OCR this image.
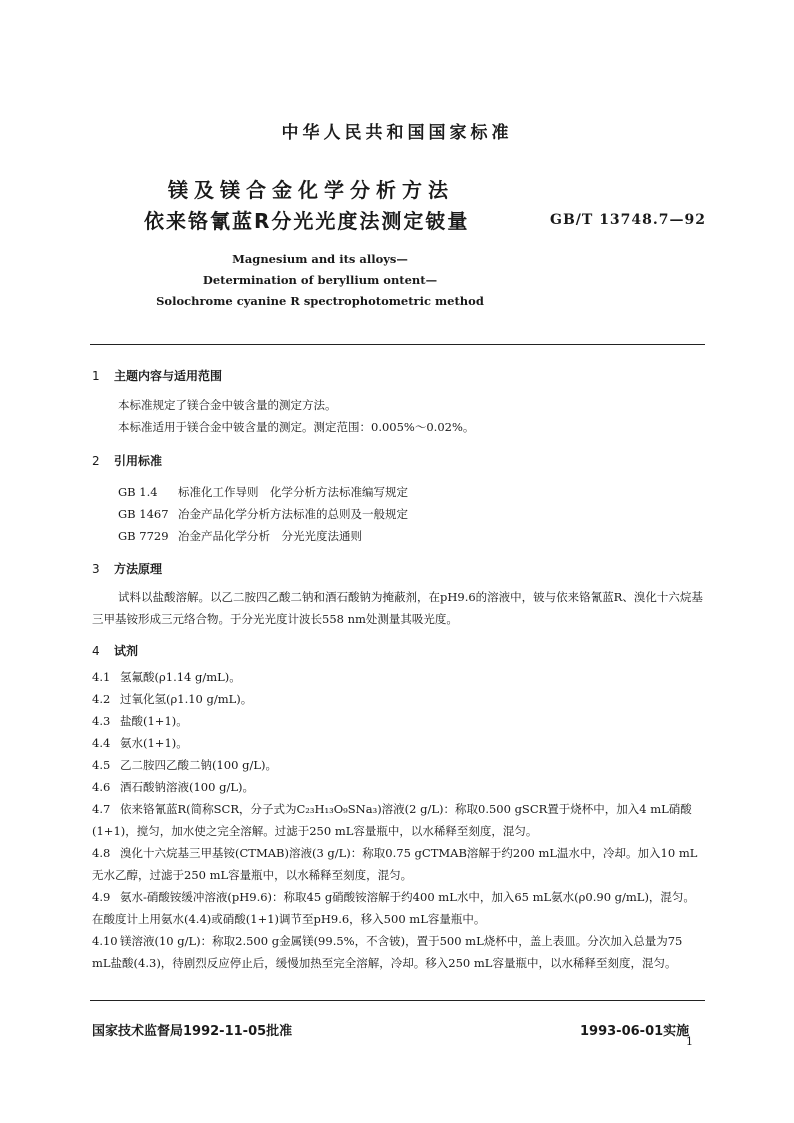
中华人民共和国国家标准
镁及镁合金化学分析方法
依来铬氰蓝R分光光度法测定铍量	GB/T 13748.7—92
Magnesium and its alloys—
Determination of beryllium ontent—
Solochrome cyanine R spectrophotometric method
1 主题内容与适用范围
本标准规定了镁合金中铍含量的测定方法。
本标准适用于镁合金中铍含量的测定。测定范围：0.005%～0.02%。
2 引用标准
GB 1.4 标准化工作导则　化学分析方法标准编写规定
GB 1467 冶金产品化学分析方法标准的总则及一般规定
GB 7729 冶金产品化学分析　分光光度法通则
3 方法原理
试料以盐酸溶解。以乙二胺四乙酸二钠和酒石酸钠为掩蔽剂，在pH9.6的溶液中，铍与依来铬氰蓝R、溴化十六烷基三甲基铵形成三元络合物。于分光光度计波长558 nm处测量其吸光度。
4 试剂
4.1 氢氟酸(ρ1.14 g/mL)。
4.2 过氧化氢(ρ1.10 g/mL)。
4.3 盐酸(1+1)。
4.4 氨水(1+1)。
4.5 乙二胺四乙酸二钠(100 g/L)。
4.6 酒石酸钠溶液(100 g/L)。
4.7 依来铬氰蓝R(简称SCR，分子式为C₂₃H₁₃O₉SNa₃)溶液(2 g/L)：称取0.500 gSCR置于烧杯中，加入4 mL硝酸(1+1)，搅匀，加水使之完全溶解。过滤于250 mL容量瓶中，以水稀释至刻度，混匀。
4.8 溴化十六烷基三甲基铵(CTMAB)溶液(3 g/L)：称取0.75 gCTMAB溶解于约200 mL温水中，冷却。加入10 mL无水乙醇，过滤于250 mL容量瓶中，以水稀释至刻度，混匀。
4.9 氨水-硝酸铵缓冲溶液(pH9.6)：称取45 g硝酸铵溶解于约400 mL水中，加入65 mL氨水(ρ0.90 g/mL)，混匀。在酸度计上用氨水(4.4)或硝酸(1+1)调节至pH9.6，移入500 mL容量瓶中。
4.10 镁溶液(10 g/L)：称取2.500 g金属镁(99.5%，不含铍)，置于500 mL烧杯中，盖上表皿。分次加入总量为75 mL盐酸(4.3)，待剧烈反应停止后，缓慢加热至完全溶解，冷却。移入250 mL容量瓶中，以水稀释至刻度，混匀。
国家技术监督局1992-11-05批准	1993-06-01实施
1
